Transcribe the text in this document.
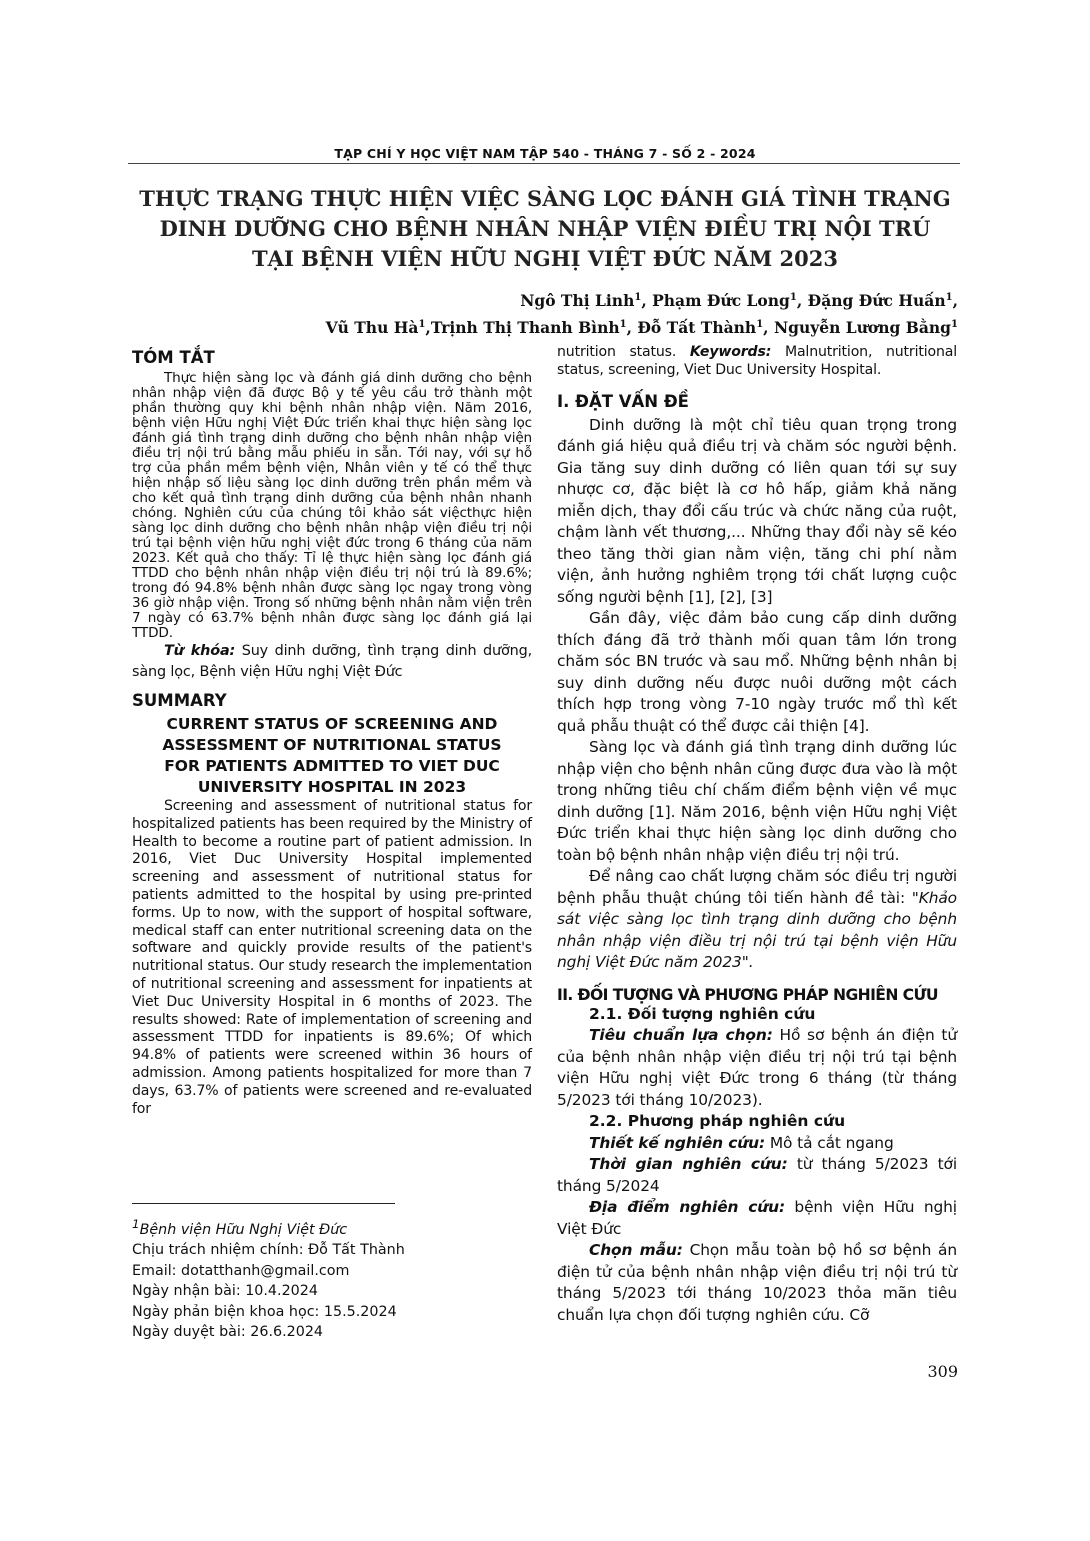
TẠP CHÍ Y HỌC VIỆT NAM TẬP 540 - THÁNG 7 - SỐ 2 - 2024
THỰC TRẠNG THỰC HIỆN VIỆC SÀNG LỌC ĐÁNH GIÁ TÌNH TRẠNG
DINH DƯỠNG CHO BỆNH NHÂN NHẬP VIỆN ĐIỀU TRỊ NỘI TRÚ
TẠI BỆNH VIỆN HỮU NGHỊ VIỆT ĐỨC NĂM 2023
Ngô Thị Linh$^1$, Phạm Đức Long$^1$, Đặng Đức Huấn$^1$,
Vũ Thu $Hà^1,Trịnh$ Thị Thanh Bình$^1$, Đỗ Tất Thành$^1$, Nguyễn Lương Bằng$^1$
TÓM TẮT

Thực hiện sàng lọc và đánh giá dinh dưỡng cho bệnh nhân nhập viện đã được Bộ y tế yêu cầu trở thành một phần thường quy khi bệnh nhân nhập viện. Năm 2016, bệnh viện Hữu nghị Việt Đức triển khai thực hiện sàng lọc đánh giá tình trạng dinh dưỡng cho bệnh nhân nhập viện điều trị nội trú bằng mẫu phiếu in sẵn. Tới nay, với sự hỗ trợ của phần mềm bệnh viện, Nhân viên y tế có thể thực hiện nhập số liệu sàng lọc dinh dưỡng trên phần mềm và cho kết quả tình trạng dinh dưỡng của bệnh nhân nhanh chóng. Nghiên cứu của chúng tôi khảo sát việcthực hiện sàng lọc dinh dưỡng cho bệnh nhân nhập viện điều trị nội trú tại bệnh viện hữu nghị việt đức trong 6 tháng của năm 2023. Kết quả cho thấy: Tỉ lệ thực hiện sàng lọc đánh giá TTDD cho bệnh nhân nhập viện điều trị nội trú là 89.6%; trong đó 94.8% bệnh nhân được sàng lọc ngay trong vòng 36 giờ nhập viện. Trong số những bệnh nhân nằm viện trên 7 ngày có 63.7% bệnh nhân được sàng lọc đánh giá lại TTDD.

Từ khóa: Suy dinh dưỡng, tình trạng dinh dưỡng, sàng lọc, Bệnh viện Hữu nghị Việt Đức

SUMMARY
CURRENT STATUS OF SCREENING AND
ASSESSMENT OF NUTRITIONAL STATUS
FOR PATIENTS ADMITTED TO VIET DUC
UNIVERSITY HOSPITAL IN 2023

Screening and assessment of nutritional status for hospitalized patients has been required by the Ministry of Health to become a routine part of patient admission. In 2016, Viet Duc University Hospital implemented screening and assessment of nutritional status for patients admitted to the hospital by using pre-printed forms. Up to now, with the support of hospital software, medical staff can enter nutritional screening data on the software and quickly provide results of the patient's nutritional status. Our study research the implementation of nutritional screening and assessment for inpatients at Viet Duc University Hospital in 6 months of 2023. The results showed: Rate of implementation of screening and assessment TTDD for inpatients is 89.6%; Of which 94.8% of patients were screened within 36 hours of admission. Among patients hospitalized for more than 7 days, 63.7% of patients were screened and re-evaluated for

$^1$Bệnh viện Hữu Nghị Việt Đức
Chịu trách nhiệm chính: Đỗ Tất Thành
Email: dotatthanh@gmail.com
Ngày nhận bài: 10.4.2024
Ngày phản biện khoa học: 15.5.2024
Ngày duyệt bài: 26.6.2024

nutrition status. Keywords: Malnutrition, nutritional status, screening, Viet Duc University Hospital.

I. ĐẶT VẤN ĐỀ

Dinh dưỡng là một chỉ tiêu quan trọng trong đánh giá hiệu quả điều trị và chăm sóc người bệnh. Gia tăng suy dinh dưỡng có liên quan tới sự suy nhược cơ, đặc biệt là cơ hô hấp, giảm khả năng miễn dịch, thay đổi cấu trúc và chức năng của ruột, chậm lành vết thương,... Những thay đổi này sẽ kéo theo tăng thời gian nằm viện, tăng chi phí nằm viện, ảnh hưởng nghiêm trọng tới chất lượng cuộc sống người bệnh [1], [2], [3]

Gần đây, việc đảm bảo cung cấp dinh dưỡng thích đáng đã trở thành mối quan tâm lớn trong chăm sóc BN trước và sau mổ. Những bệnh nhân bị suy dinh dưỡng nếu được nuôi dưỡng một cách thích hợp trong vòng 7-10 ngày trước mổ thì kết quả phẫu thuật có thể được cải thiện [4].

Sàng lọc và đánh giá tình trạng dinh dưỡng lúc nhập viện cho bệnh nhân cũng được đưa vào là một trong những tiêu chí chấm điểm bệnh viện về mục dinh dưỡng [1]. Năm 2016, bệnh viện Hữu nghị Việt Đức triển khai thực hiện sàng lọc dinh dưỡng cho toàn bộ bệnh nhân nhập viện điều trị nội trú.

Để nâng cao chất lượng chăm sóc điều trị người bệnh phẫu thuật chúng tôi tiến hành đề tài: "Khảo sát việc sàng lọc tình trạng dinh dưỡng cho bệnh nhân nhập viện điều trị nội trú tại bệnh viện Hữu nghị Việt Đức năm 2023".

II. ĐỐI TƯỢNG VÀ PHƯƠNG PHÁP NGHIÊN CỨU
2.1. Đối tượng nghiên cứu

Tiêu chuẩn lựa chọn: Hồ sơ bệnh án điện tử của bệnh nhân nhập viện điều trị nội trú tại bệnh viện Hữu nghị việt Đức trong 6 tháng (từ tháng 5/2023 tới tháng 10/2023).

2.2. Phương pháp nghiên cứu

Thiết kế nghiên cứu: Mô tả cắt ngang

Thời gian nghiên cứu: từ tháng 5/2023 tới tháng 5/2024

Địa điểm nghiên cứu: bệnh viện Hữu nghị Việt Đức

Chọn mẫu: Chọn mẫu toàn bộ hồ sơ bệnh án điện tử của bệnh nhân nhập viện điều trị nội trú từ tháng 5/2023 tới tháng 10/2023 thỏa mãn tiêu chuẩn lựa chọn đối tượng nghiên cứu. Cỡ

309
